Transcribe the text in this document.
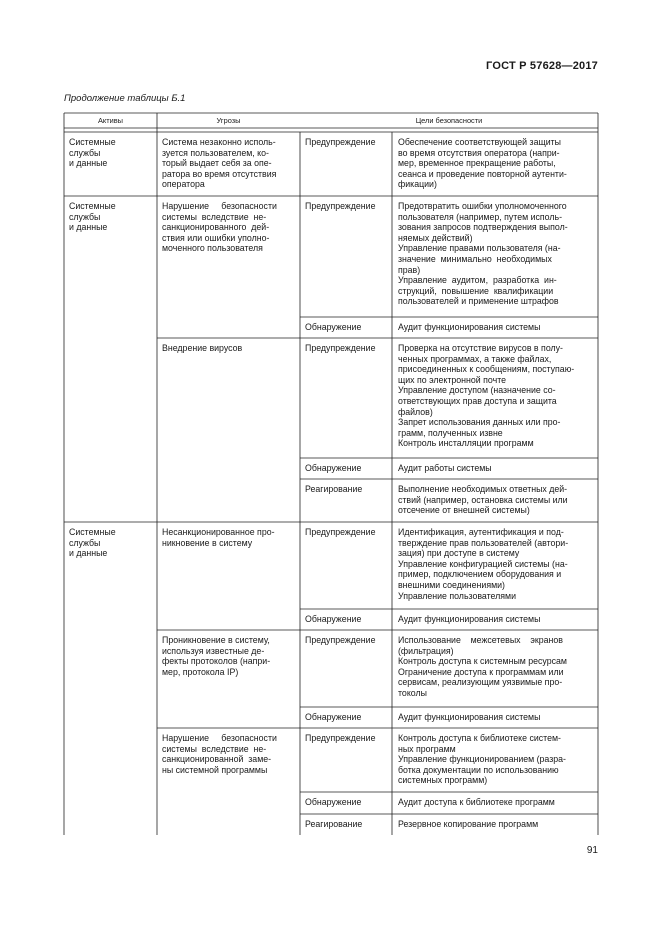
ГОСТ Р 57628—2017
Продолжение таблицы Б.1
Активы	Угрозы	Цели безопасности
Системные
службы
и данные
Системные
службы
и данные
Системные
службы
и данные
Система незаконно исполь-
зуется пользователем, ко-
торый выдает себя за опе-
ратора во время отсутствия
оператора
Нарушение     безопасности
системы  вследствие  не-
санкционированного  дей-
ствия или ошибки уполно-
моченного пользователя
Внедрение вирусов
Несанкционированное про-
никновение в систему
Проникновение в систему,
используя известные де-
фекты протоколов (напри-
мер, протокола IP)
Нарушение     безопасности
системы  вследствие  не-
санкционированной  заме-
ны системной программы
Предупреждение
Предупреждение
Обнаружение
Предупреждение
Обнаружение
Реагирование
Предупреждение
Обнаружение
Предупреждение
Обнаружение
Предупреждение
Обнаружение
Реагирование
Обеспечение соответствующей защиты
во время отсутствия оператора (напри-
мер, временное прекращение работы,
сеанса и проведение повторной аутенти-
фикации)
Предотвратить ошибки уполномоченного
пользователя (например, путем исполь-
зования запросов подтверждения выпол-
няемых действий)
Управление правами пользователя (на-
значение  минимально  необходимых
прав)
Управление  аудитом,  разработка  ин-
струкций,  повышение  квалификации
пользователей и применение штрафов
Аудит функционирования системы
Проверка на отсутствие вирусов в полу-
ченных программах, а также файлах,
присоединенных к сообщениям, поступаю-
щих по электронной почте
Управление доступом (назначение со-
ответствующих прав доступа и защита
файлов)
Запрет использования данных или про-
грамм, полученных извне
Контроль инсталляции программ
Аудит работы системы
Выполнение необходимых ответных дей-
ствий (например, остановка системы или
отсечение от внешней системы)
Идентификация, аутентификация и под-
тверждение прав пользователей (автори-
зация) при доступе в систему
Управление конфигурацией системы (на-
пример, подключением оборудования и
внешними соединениями)
Управление пользователями
Аудит функционирования системы
Использование    межсетевых    экранов
(фильтрация)
Контроль доступа к системным ресурсам
Ограничение доступа к программам или
сервисам, реализующим уязвимые про-
токолы
Аудит функционирования системы
Контроль доступа к библиотеке систем-
ных программ
Управление функционированием (разра-
ботка документации по использованию
системных программ)
Аудит доступа к библиотеке программ
Резервное копирование программ
91
